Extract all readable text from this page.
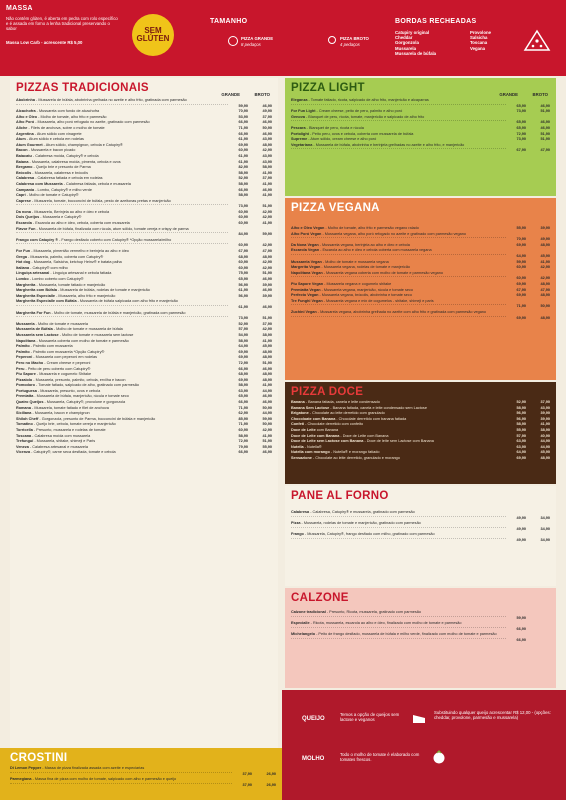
MASSA
Não contém glúten, é aberta em pedra com rolo específico e é assada em forno a lenha tradicional preservando o sabor
Massa Low Carb - acrescente R$ 5,00
SEM
GLÚTEN
TAMANHO
PIZZA GRANDE
8 pedaços
PIZZA BROTO
4 pedaços
BORDAS RECHEADAS
Catupiry original
Cheddar
Gorgonzola
Mussarela
Mussarela de búfala
Provolone
Salsicha
Toscana
Vegana
PIZZAS TRADICIONAIS
GRANDE	BROTO
Abobrinha - Mussarela de búfala, abobrinha grelhada no azeite e alho frito, gratinada com parmesão
59,90	46,90
Alcachofra - Mussarela com fundo de alcachofra	70,90	49,90
Alho e Óleo - Molho de tomate, alho frito e parmesão	53,90	37,90
Alho Poró - Mussarela, alho poró refogado no azeite, gratinado com parmesão	66,90	46,90
Aliche - Filets de anchova, sobre o molho de tomate	71,90	50,90
Argentina - Atum sólido com vinagrete	66,90	46,90
Atum - Atum sólido e cebola em rodelas	61,90	43,90
Atum Gourmet - Atum sólido, champignon, cebola e Catupiry®	69,90	48,90
Bacon - Mussarela e bacon picado	60,90	42,90
Baiacatu - Calabresa moída, Catupiry® e cebola	61,90	43,90
Baiana - Mussarela, calabresa moída, pimenta, cebola e ovos	61,90	43,90
Bergamo - Queijo brie e presunto de Parma	82,90	58,90
Brócolis - Mussarela, calabresa e brócolis	58,90	41,90
Calabresa - Calabresa fatiada e cebola em rodelas	52,90	37,90
Calabresa com Mussarela - Calabresa fatiada, cebola e mussarela	58,90	41,90
Campania - Lombo, Catupiry® e milho verde	66,90	46,90
Capri - Molho de tomate e Catupiry®	58,90	41,90
Caprese - Mussarela, tomate, bocconcini de búfala, pesto de azeitonas pretas e manjericão
73,90	51,90
Da nona - Mussarela, Berinjela ao alho e óleo e cebola	60,90	42,90
Dois Queijos - Mussarela e Catupiry®	60,90	42,90
Escarola - Escarola ao alho e óleo, cebola, coberta com mussarela	60,90	41,90
Flavor Fun - Mussarela de búfala, finalizada com rúcula, atum sólido, tomate cereja e crispy de parma
84,90	59,90
Frango com Catupiry ® - Frango desfiado coberto com Catupiry® *Opção mussarela/milho
60,90	42,90
For Fun - Mussarela, pimentão vermelho e berinjela ao alho e óleo	67,90	47,90
Grega - Mussarela, palmito, coberta com Catupiry®	68,90	48,90
Hot dog - Mussarela, Salsicha, ketchup Heinz® e batata palha	60,90	42,90
Italiana - Catupiry® com milho	60,90	42,90
Linguiça artesanal - Linguiça artesanal e cebola fatiada	75,90	51,90
Lombo - Lombo coberto com Catupiry®	65,90	46,90
Margherita - Mussarela, tomate fatiado e manjericão	56,90	39,90
Margherita com Búfala - Mussarela de búfala, rodelas de tomate e manjericão	61,90	46,90
Margherita Especialle - Mussarela, alho frito e manjericão	56,90	39,90
Margherita Especialle com Búfala - Mussarela de búfala salpicada com alho frito e manjericão
61,90	46,90
Margherita For Fun - Molho de tomate, mussarela de búfala e manjericão, gratinada com parmesão
73,90	51,90
Mussarela - Molho de tomate e mussarela	52,90	37,90
Mussarela de Búfala - Molho de tomate e mussarela de búfala	57,90	42,90
Mussarela sem Lactose - Molho de tomate e mussarela sem lactose	54,90	38,90
Napolitana - Mussarela coberta com molho de tomate e parmesão	58,90	41,90
Palmito - Palmito com mussarela	64,90	45,90
Palmito - Palmito com mussarela *Opção Catupiry®	69,90	48,90
Peperoni - Mussarela com peperoni em rodelas	69,90	48,90
Pero no Macho - Cream cheese e peperoni	72,90	51,90
Peru - Peito de peru coberto com Catupiry®	66,90	46,90
Piu Sapore - Mussarela e cogumelo Shitake	68,90	48,90
Pizzaiolo - Mussarela, presunto, palmito, cebola, ervilha e bacon	69,90	48,90
Pomodoro - Tomate fatiado, salpicado de alho, gratinado com parmesão	58,90	41,90
Portuguesa - Mussarela, presunto, ovos e cebola	63,90	44,90
Premiatta - Mussarela de búfala, manjericão, rúcula e tomate seco	65,90	46,90
Quatro Queijos - Mussarela, Catupiry®, provolone e gorgonzola	66,90	46,90
Romana - Mussarela, tomate fatiado e filet de anchova	71,90	50,90
Siciliana - Mussarela, bacon e champignon	62,90	44,90
Shiloh Cheff - Gorgonzola, presunto de Parma, bocconcini de búfala e manjericão	85,90	59,90
Tomatino - Queijo brie, cebola, tomate cereja e manjericão	71,90	50,90
Torricella - Presunto, mussarela e rodelas de tomate	60,90	42,90
Toscana - Calabresa moída com mussarela	58,90	41,90
Trefungui - Mussarela, shitake, shimeji e Paris	72,90	51,90
Veneza - Calabresa artesanal e mussarela	79,90	55,90
Vicenza - Catupiry®, carne seca desfiada, tomate e cebola	66,90	46,90
PIZZA LIGHT
GRANDE	BROTO
Eleganza - Tomate fatiado, ricota, salpicado de alho frito, manjericão e alcaparras
65,90	46,90
For Fun Light - Cream cheese, peito de peru, palmito e alho poró	73,90	51,90
Genova - Blanquet de peru, ricota, tomate, manjericão e salpicado de alho frito
65,90	46,90
Pescara - Blanquet de peru, ricota e rúcula	65,90	46,90
Portolight - Peito peru, ovos e cebola, coberta com mussarela de búfala	72,90	51,90
Supreme - Atum sólido, cream cheese e alho poró	73,90	51,90
Vegetariana - Mussarela de búfala, abobrinha e berinjela grelhadas no azeite e alho frito, e manjericão
67,90	47,90
PIZZA VEGANA
Alho e Óleo Vegan - Molho de tomate, alho frito e parmesão vegano ralado	55,90	39,90
Alho Poró Vegan - Mussarela vegana, alho poró refogado no azeite e gratinado com parmesão vegano
70,90	49,90
Da Nona Vegan - Mussarela vegana, berinjela ao alho e óleo e cebola	69,90	48,90
Escarola Vegan - Escarola ao alho e óleo e cebola coberta com mussarela vegana
64,90	45,90
Mussarela Vegan - Molho de tomate e mussarela vegana	59,90	41,90
Margerita Vegan - Mussarela vegana, rodelas de tomate e manjericão	60,90	42,90
Napolitana Vegan - Mussarela vegana coberta com molho de tomate e parmesão vegano
60,90	42,90
Piu Sapore Vegan - Mussarela vegana e cogumelo shitake	69,90	48,90
Premiatta Vegan - Mussarela vegana, manjericão, rúcula e tomate seco	67,90	47,90
Perfecto Vegan - Mussarela vegana, brócolis, abobrinha e tomate seco	69,90	48,90
Tre Funghi Vegan - Mussarela vegana e mix de cogumelos - shitake, shimeji e paris
71,90	50,90
Zuchini Vegan - Mussarela vegana, abobrinha grelhada no azeite com alho frito e gratinada com parmesão vegano
69,90	48,90
PIZZA DOCE
Banana - Banana fatiada, canela e leite condensado	52,90	37,90
Banana Sem Lactose - Banana fatiada, canela e leite condensado sem Lactose	58,90	43,90
Brigatone - Chocolate ao leite derretido com granulado	56,90	39,90
Chocoloate com Banana - Chocolate derretido com banana fatiada	56,90	39,90
Confeti - Chocolate derretido com confeito	58,90	41,90
Doce de Leite com Banana	55,90	38,90
Doce de Leite com Banana - Doce de Leite com Banana	57,90	40,90
Doce de Leite sem Lactose com Banana - Doce de leite sem Lactose com Banana	63,90	44,90
Nutella - Nutella®	63,90	44,90
Nutella com morango - Nutella® e morango fatiado	64,90	45,90
Sensazione - Chocolate ao leite derretido, granulado e morango	69,90	48,90
PANE AL FORNO
Calabresa - Calabresa, Catupiry® e mussarela, gratinado com parmesão
49,90	34,90
Pizza - Mussarela, rodelas de tomate e manjericão, gratinado com parmesão
49,90	34,90
Frango - Mussarela, Catupiry®, frango desfiado com milho, gratinado com parmesão
49,90	34,90
CALZONE
Calzone tradicional - Presunto, Ricota, mussarela, gratinado com parmesão
59,90
Especialle - Ricota, mussarela, escarola ao alho e óleo, finalizado com molho de tomate e parmesão
66,90
Michelangelo - Peito de frango desfiado, mussarela de búfala e milho verde, finalizado com molho de tomate e parmesão
66,90
CROSTINI
Di Lemon Pepper - Massa de pizza finalizada assada com azeite e especiarias
37,90	26,90
Parmegiana - Massa fina de pizza com molho de tomate, salpicado com alho e parmesão e queijo
37,90	26,90
QUEIJO
Temos a opção de queijos sem lactose e veganos
Substituindo qualquer queijo acrescentar R$ 12,00 - (opções: cheddar, provolone, parmesão e mussarela)
MOLHO
Todo o molho de tomate é elaborado com tomates frescos.
